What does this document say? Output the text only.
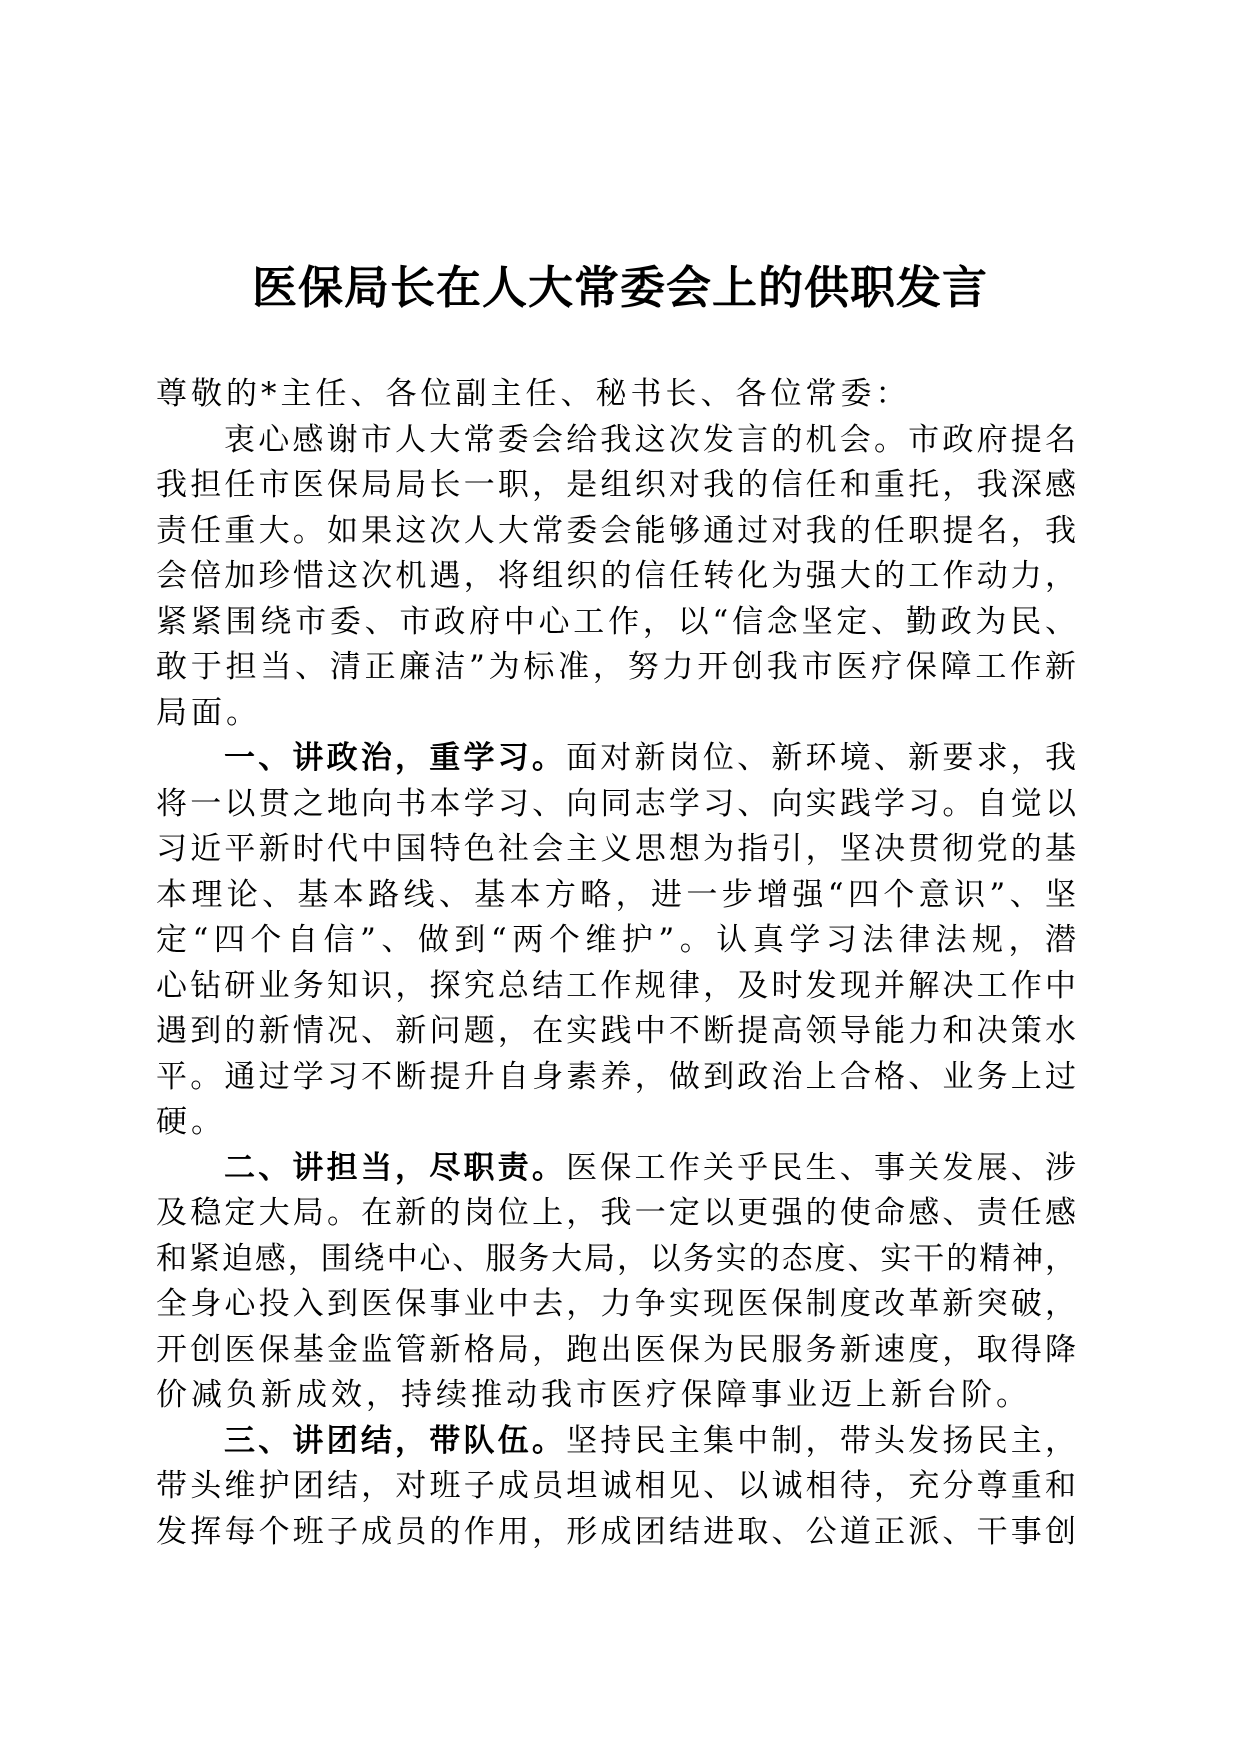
医保局长在人大常委会上的供职发言
尊敬的*主任、各位副主任、秘书长、各位常委：
衷心感谢市人大常委会给我这次发言的机会。市政府提名
我担任市医保局局长一职，是组织对我的信任和重托，我深感
责任重大。如果这次人大常委会能够通过对我的任职提名，我
会倍加珍惜这次机遇，将组织的信任转化为强大的工作动力，
紧紧围绕市委、市政府中心工作，以“信念坚定、勤政为民、
敢于担当、清正廉洁”为标准，努力开创我市医疗保障工作新
局面。
一、讲政治，重学习。面对新岗位、新环境、新要求，我
将一以贯之地向书本学习、向同志学习、向实践学习。自觉以
习近平新时代中国特色社会主义思想为指引，坚决贯彻党的基
本理论、基本路线、基本方略，进一步增强“四个意识”、坚
定“四个自信”、做到“两个维护”。认真学习法律法规，潜
心钻研业务知识，探究总结工作规律，及时发现并解决工作中
遇到的新情况、新问题，在实践中不断提高领导能力和决策水
平。通过学习不断提升自身素养，做到政治上合格、业务上过
硬。
二、讲担当，尽职责。医保工作关乎民生、事关发展、涉
及稳定大局。在新的岗位上，我一定以更强的使命感、责任感
和紧迫感，围绕中心、服务大局，以务实的态度、实干的精神，
全身心投入到医保事业中去，力争实现医保制度改革新突破，
开创医保基金监管新格局，跑出医保为民服务新速度，取得降
价减负新成效，持续推动我市医疗保障事业迈上新台阶。
三、讲团结，带队伍。坚持民主集中制，带头发扬民主，
带头维护团结，对班子成员坦诚相见、以诚相待，充分尊重和
发挥每个班子成员的作用，形成团结进取、公道正派、干事创
